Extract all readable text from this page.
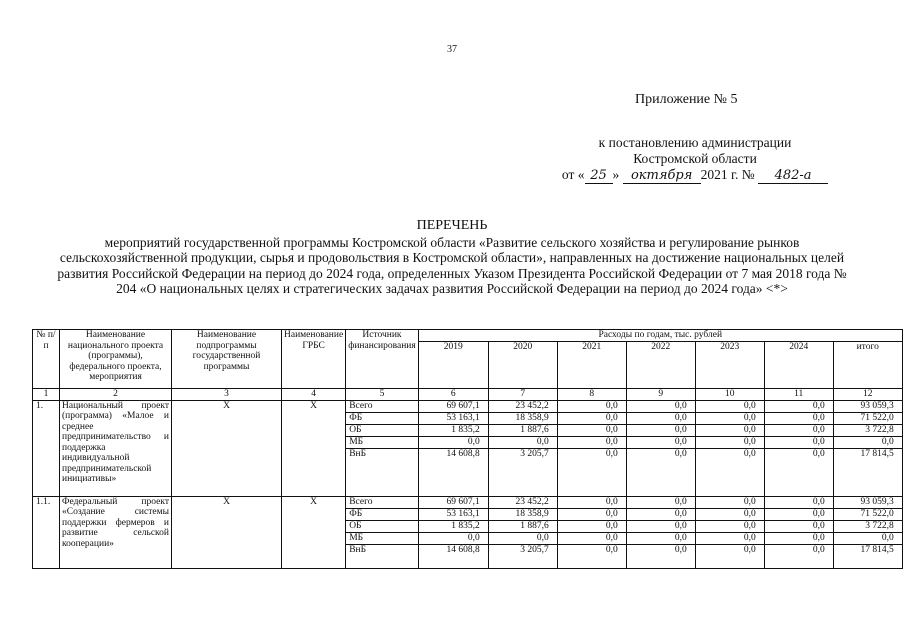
37
Приложение № 5
к постановлению администрации
Костромской области
от « 25 » октября 2021 г. № 482-а
ПЕРЕЧЕНЬ
мероприятий государственной программы Костромской области «Развитие сельского хозяйства и регулирование рынков сельскохозяйственной продукции, сырья и продовольствия в Костромской области», направленных на достижение национальных целей развития Российской Федерации на период до 2024 года, определенных Указом Президента Российской Федерации от 7 мая 2018 года № 204 «О национальных целях и стратегических задачах развития Российской Федерации на период до 2024 года» <*>
№ п/п	Наименование национального проекта (программы), федерального проекта, мероприятия	Наименование подпрограммы государственной программы	Наименование ГРБС	Источник финансирования	Расходы по годам, тыс. рублей						
					2019	2020	2021	2022	2023	2024	итого
1	2	3	4	5	6	7	8	9	10	11	12
1.	Национальный проект (программа) «Малое и среднее предпринимательство и поддержка индивидуальной предпринимательской инициативы»	Х	Х	Всего	69 607,1	23 452,2	0,0	0,0	0,0	0,0	93 059,3
				ФБ	53 163,1	18 358,9	0,0	0,0	0,0	0,0	71 522,0
				ОБ	1 835,2	1 887,6	0,0	0,0	0,0	0,0	3 722,8
				МБ	0,0	0,0	0,0	0,0	0,0	0,0	0,0
				ВнБ	14 608,8	3 205,7	0,0	0,0	0,0	0,0	17 814,5
1.1.	Федеральный проект «Создание системы поддержки фермеров и развитие сельской кооперации»	Х	Х	Всего	69 607,1	23 452,2	0,0	0,0	0,0	0,0	93 059,3
				ФБ	53 163,1	18 358,9	0,0	0,0	0,0	0,0	71 522,0
				ОБ	1 835,2	1 887,6	0,0	0,0	0,0	0,0	3 722,8
				МБ	0,0	0,0	0,0	0,0	0,0	0,0	0,0
				ВнБ	14 608,8	3 205,7	0,0	0,0	0,0	0,0	17 814,5
